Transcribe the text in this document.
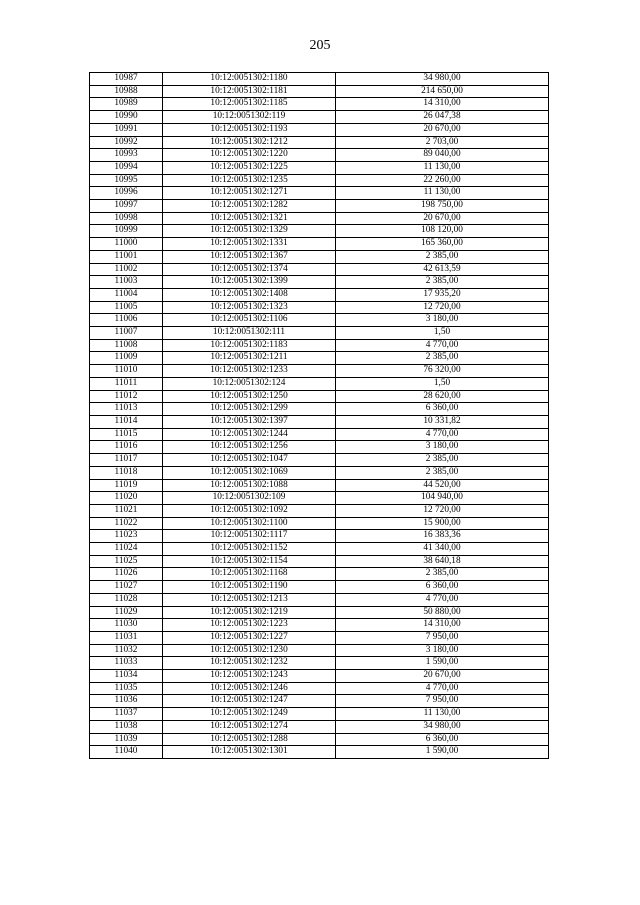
205
10987	10:12:0051302:1180	34 980,00
10988	10:12:0051302:1181	214 650,00
10989	10:12:0051302:1185	14 310,00
10990	10:12:0051302:119	26 047,38
10991	10:12:0051302:1193	20 670,00
10992	10:12:0051302:1212	2 703,00
10993	10:12:0051302:1220	89 040,00
10994	10:12:0051302:1225	11 130,00
10995	10:12:0051302:1235	22 260,00
10996	10:12:0051302:1271	11 130,00
10997	10:12:0051302:1282	198 750,00
10998	10:12:0051302:1321	20 670,00
10999	10:12:0051302:1329	108 120,00
11000	10:12:0051302:1331	165 360,00
11001	10:12:0051302:1367	2 385,00
11002	10:12:0051302:1374	42 613,59
11003	10:12:0051302:1399	2 385,00
11004	10:12:0051302:1408	17 935,20
11005	10:12:0051302:1323	12 720,00
11006	10:12:0051302:1106	3 180,00
11007	10:12:0051302:111	1,50
11008	10:12:0051302:1183	4 770,00
11009	10:12:0051302:1211	2 385,00
11010	10:12:0051302:1233	76 320,00
11011	10:12:0051302:124	1,50
11012	10:12:0051302:1250	28 620,00
11013	10:12:0051302:1299	6 360,00
11014	10:12:0051302:1397	10 331,82
11015	10:12:0051302:1244	4 770,00
11016	10:12:0051302:1256	3 180,00
11017	10:12:0051302:1047	2 385,00
11018	10:12:0051302:1069	2 385,00
11019	10:12:0051302:1088	44 520,00
11020	10:12:0051302:109	104 940,00
11021	10:12:0051302:1092	12 720,00
11022	10:12:0051302:1100	15 900,00
11023	10:12:0051302:1117	16 383,36
11024	10:12:0051302:1152	41 340,00
11025	10:12:0051302:1154	38 640,18
11026	10:12:0051302:1168	2 385,00
11027	10:12:0051302:1190	6 360,00
11028	10:12:0051302:1213	4 770,00
11029	10:12:0051302:1219	50 880,00
11030	10:12:0051302:1223	14 310,00
11031	10:12:0051302:1227	7 950,00
11032	10:12:0051302:1230	3 180,00
11033	10:12:0051302:1232	1 590,00
11034	10:12:0051302:1243	20 670,00
11035	10:12:0051302:1246	4 770,00
11036	10:12:0051302:1247	7 950,00
11037	10:12:0051302:1249	11 130,00
11038	10:12:0051302:1274	34 980,00
11039	10:12:0051302:1288	6 360,00
11040	10:12:0051302:1301	1 590,00
